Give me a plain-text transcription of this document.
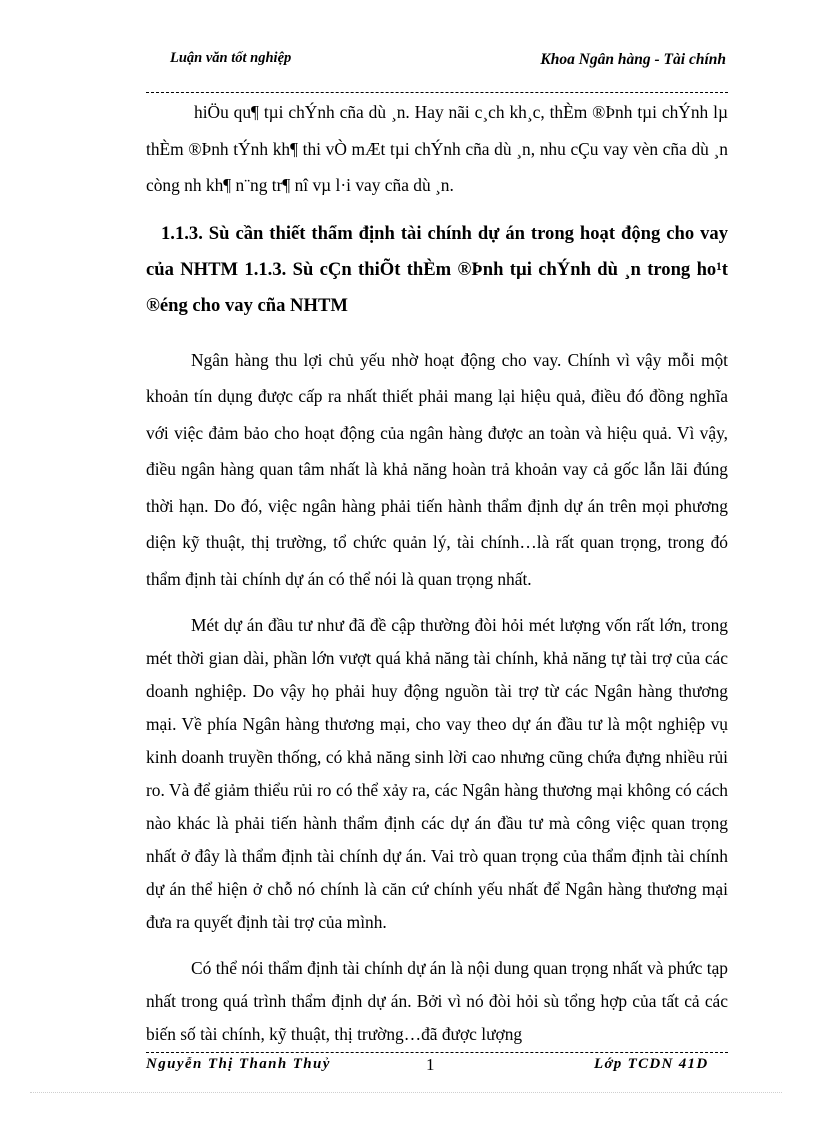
Luận văn tốt nghiệp	Khoa Ngân hàng - Tài chính

hiÖu qu¶ tµi chÝnh cña dù ¸n. Hay nãi c¸ch kh¸c, thÈm ®Þnh tµi chÝnh lµ thÈm ®Þnh tÝnh kh¶ thi vÒ mÆt tµi chÝnh cña dù ¸n, nhu cÇu vay vèn cña dù ¸n còng nh kh¶ n¨ng tr¶ nî vµ l·i vay cña dù ¸n.

1.1.3. Sù cần thiết thẩm định tài chính dự án trong hoạt động cho vay của NHTM 1.1.3. Sù cÇn thiÕt thÈm ®Þnh tµi chÝnh dù ¸n trong ho¹t ®éng cho vay cña NHTM

Ngân hàng thu lợi chủ yếu nhờ hoạt động cho vay. Chính vì vậy mỗi một khoản tín dụng được cấp ra nhất thiết phải mang lại hiệu quả, điều đó đồng nghĩa với việc đảm bảo cho hoạt động của ngân hàng được an toàn và hiệu quả. Vì vậy, điều ngân hàng quan tâm nhất là khả năng hoàn trả khoản vay cả gốc lẫn lãi đúng thời hạn. Do đó, việc ngân hàng phải tiến hành thẩm định dự án trên mọi phương diện kỹ thuật, thị trường, tổ chức quản lý, tài chính…là rất quan trọng, trong đó thẩm định tài chính dự án có thể nói là quan trọng nhất.

Mét dự án đầu tư như đã đề cập thường đòi hỏi mét lượng vốn rất lớn, trong mét thời gian dài, phần lớn vượt quá khả năng tài chính, khả năng tự tài trợ của các doanh nghiệp. Do vậy họ phải huy động nguồn tài trợ từ các Ngân hàng thương mại. Về phía Ngân hàng thương mại, cho vay theo dự án đầu tư là một nghiệp vụ kinh doanh truyền thống, có khả năng sinh lời cao nhưng cũng chứa đựng nhiều rủi ro. Và để giảm thiểu rủi ro có thể xảy ra, các Ngân hàng thương mại không có cách nào khác là phải tiến hành thẩm định các dự án đầu tư mà công việc quan trọng nhất ở đây là thẩm định tài chính dự án. Vai trò quan trọng của thẩm định tài chính dự án thể hiện ở chỗ nó chính là căn cứ chính yếu nhất để Ngân hàng thương mại đưa ra quyết định tài trợ của mình.

Có thể nói thẩm định tài chính dự án là nội dung quan trọng nhất và phức tạp nhất trong quá trình thẩm định dự án. Bởi vì nó đòi hỏi sù tổng hợp của tất cả các biến số tài chính, kỹ thuật, thị trường…đã được lượng

Nguyễn Thị Thanh Thuỷ	1	Lớp TCDN 41D
